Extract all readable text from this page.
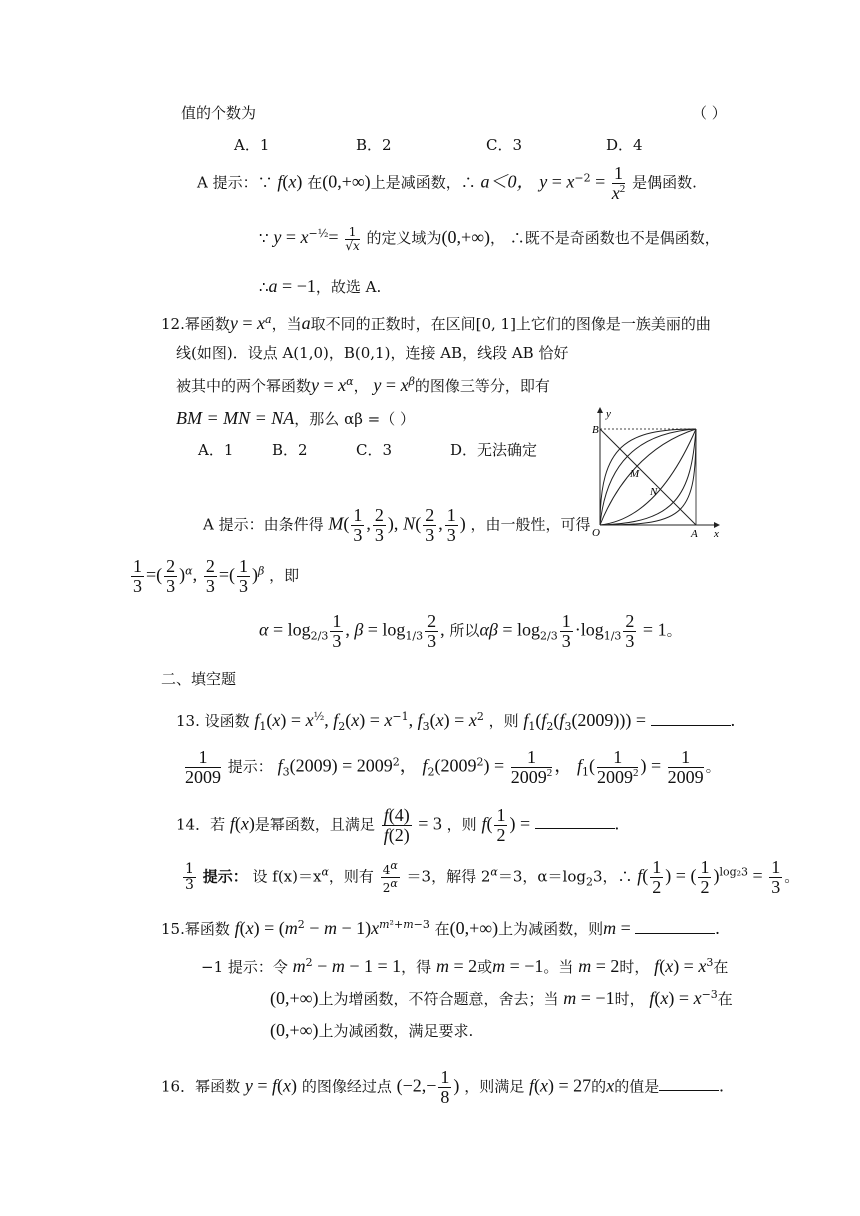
值的个数为	（ ）
A．1	B．2	C．3	D．4
A 提示：∵ f(x) 在(0,+∞)上是减函数，∴ a＜0， $y = x^{-2} = \frac{1}{x^2}$ 是偶函数.
∵ $y = x^{-\frac{1}{2}}= \frac{1}{√x}$ 的定义域为(0,+∞)， ∴既不是奇函数也不是偶函数，
∴a = −1，故选 A.
12.幂函数$y = x^a$，当a取不同的正数时，在区间[0, 1]上它们的图像是一族美丽的曲
线(如图)．设点 A(1,0)，B(0,1)，连接 AB，线段 AB 恰好
被其中的两个幂函数$y = x^\alpha$， $y = x^\beta$的图像三等分，即有
BM = MN = NA，那么 αβ =（ ）
A．1	B．2	C．3	D．无法确定
B
O	A
M
N
x
y
A 提示：由条件得 $M( \frac{1}{3}$ , $\frac{2}{3}$ ), $N( \frac{2}{3}$ , $\frac{1}{3}$ ) ，由一般性，可得
$\frac{1}{3}$ =( $\frac{2}{3} )^\alpha$, $\frac{2}{3}$ =( $\frac{1}{3} )^\beta$ ，即
$\alpha = \log_{2/3} \frac{1}{3}$ , $\beta = \log_{1/3} \frac{2}{3}$ , 所以$\alpha\beta = \log_{2/3} \frac{1}{3} \cdot\log_{1/3} \frac{2}{3} = 1$。
二、填空题
13. 设函数 $f_1(x) = x^{\frac{1}{2}}$, $f_2(x) = x^{-1}$, $f_3(x) = x^2$ ，则 $f_1(f_2(f_3(2009)))$ =	.
$\frac{1}{2009}$ 提示： $f_3(2009) = 2009^2$， $f_2(2009^2) = \frac{1}{2009^2}$ ， $f_1( \frac{1}{2009^2}$ ) = $\frac{1}{2009}$ 。
14．若 f(x)是幂函数，且满足 $\frac{f(4)}{f(2)} = 3$ ，则 $f( \frac{1}{2}$ ) =	.
$\frac{1}{3}$ 提示： 设 $f(x)=x^\alpha$，则有 $\frac{4^\alpha}{2^\alpha} =3$，解得 $2^\alpha=3$，$\alpha=\log_23$，∴ $f( \frac{1}{2}$ ) = ( $\frac{1}{2} )^{log_23} = \frac{1}{3}$ 。
15.幂函数 $f(x) = (m^2 - m - 1)x^{m^2+m-3}$ 在(0,+∞)上为减函数，则m =	.
−1 提示：令 $m^2 - m - 1 = 1$，得 m = 2或m = −1。当 m = 2时， $f(x) = x^3$在
(0,+∞)上为增函数，不符合题意，舍去；当 m = −1时， $f(x) = x^{-3}$在
(0,+∞)上为减函数，满足要求.
16．幂函数 y = f(x) 的图像经过点 ($-2,- \frac{1}{8}$ ) ，则满足 f(x) = 27的x的值是	.
